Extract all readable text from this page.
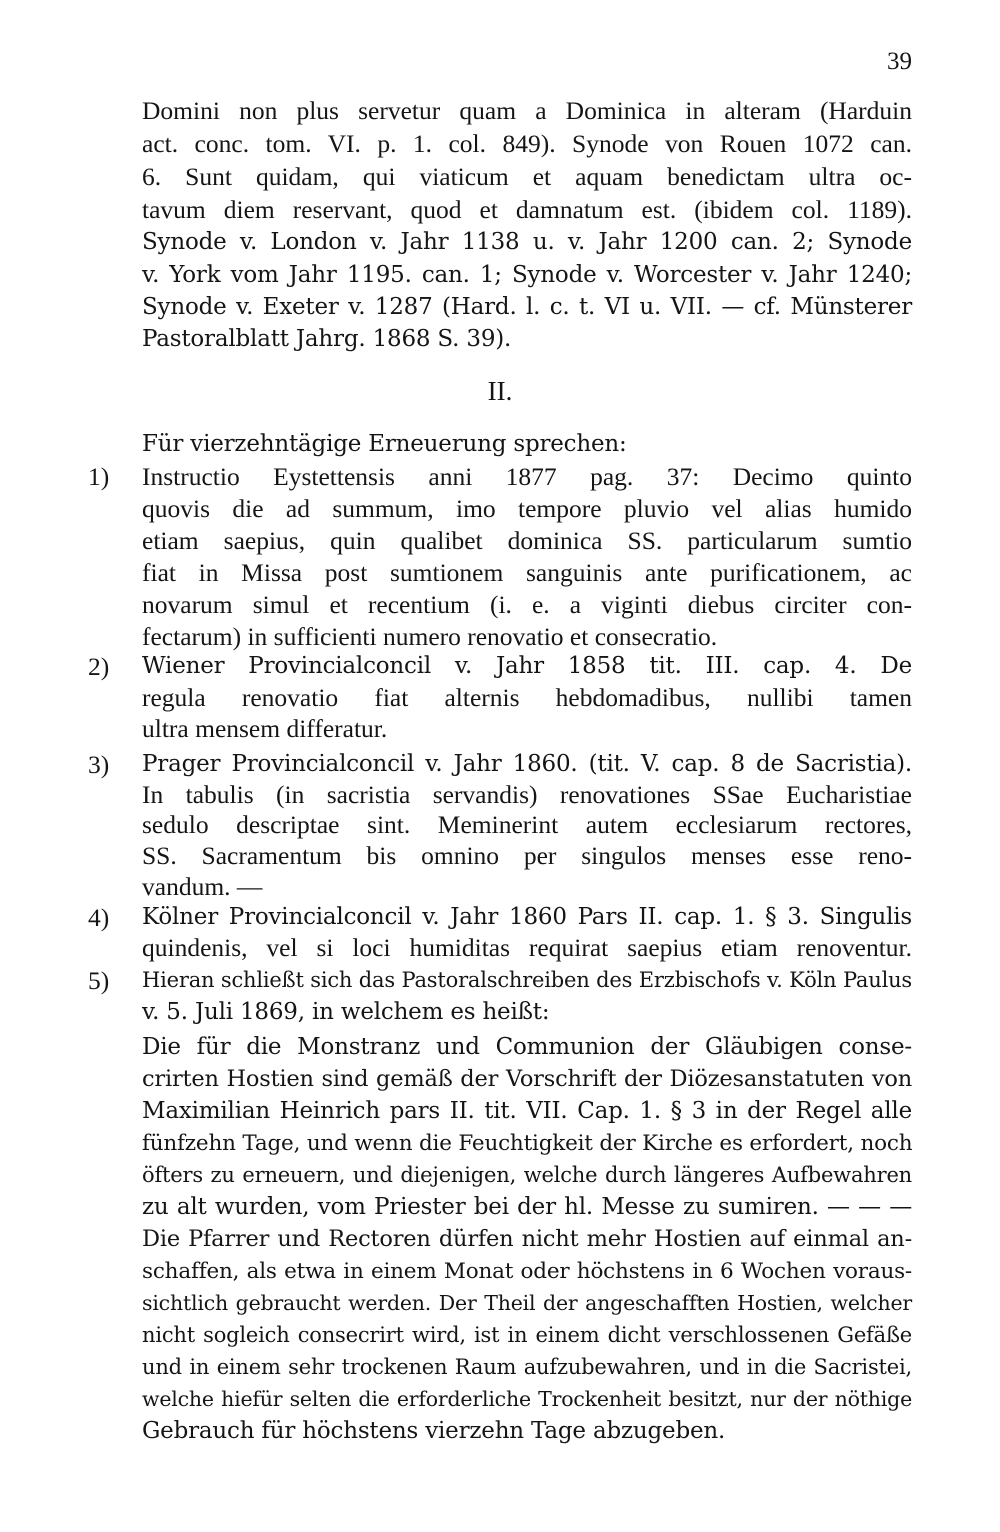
39
Domini non plus servetur quam a Dominica in alteram (Harduin
act. conc. tom. VI. p. 1. col. 849). Synode von Rouen 1072 can.
6. Sunt quidam, qui viaticum et aquam benedictam ultra oc-
tavum diem reservant, quod et damnatum est. (ibidem col. 1189).
Synode v. London v. Jahr 1138 u. v. Jahr 1200 can. 2; Synode
v. York vom Jahr 1195. can. 1; Synode v. Worcester v. Jahr 1240;
Synode v. Exeter v. 1287 (Hard. l. c. t. VI u. VII. — cf. Münsterer
Pastoralblatt Jahrg. 1868 S. 39).
II.
Für vierzehntägige Erneuerung sprechen:
1)	Instructio Eystettensis anni 1877 pag. 37: Decimo quinto
quovis die ad summum, imo tempore pluvio vel alias humido
etiam saepius, quin qualibet dominica SS. particularum sumtio
fiat in Missa post sumtionem sanguinis ante purificationem, ac
novarum simul et recentium (i. e. a viginti diebus circiter con-
fectarum) in sufficienti numero renovatio et consecratio.
2)	Wiener Provincialconcil v. Jahr 1858 tit. III. cap. 4. De
regula renovatio fiat alternis hebdomadibus, nullibi tamen
ultra mensem differatur.
3)	Prager Provincialconcil v. Jahr 1860. (tit. V. cap. 8 de Sacristia).
In tabulis (in sacristia servandis) renovationes SSae Eucharistiae
sedulo descriptae sint. Meminerint autem ecclesiarum rectores,
SS. Sacramentum bis omnino per singulos menses esse reno-
vandum. —
4)	Kölner Provincialconcil v. Jahr 1860 Pars II. cap. 1. § 3. Singulis
quindenis, vel si loci humiditas requirat saepius etiam renoventur.
5)	Hieran schließt sich das Pastoralschreiben des Erzbischofs v. Köln Paulus
v. 5. Juli 1869, in welchem es heißt:
Die für die Monstranz und Communion der Gläubigen conse-
crirten Hostien sind gemäß der Vorschrift der Diözesanstatuten von
Maximilian Heinrich pars II. tit. VII. Cap. 1. § 3 in der Regel alle
fünfzehn Tage, und wenn die Feuchtigkeit der Kirche es erfordert, noch
öfters zu erneuern, und diejenigen, welche durch längeres Aufbewahren
zu alt wurden, vom Priester bei der hl. Messe zu sumiren. — — —
Die Pfarrer und Rectoren dürfen nicht mehr Hostien auf einmal an-
schaffen, als etwa in einem Monat oder höchstens in 6 Wochen voraus-
sichtlich gebraucht werden. Der Theil der angeschafften Hostien, welcher
nicht sogleich consecrirt wird, ist in einem dicht verschlossenen Gefäße
und in einem sehr trockenen Raum aufzubewahren, und in die Sacristei,
welche hiefür selten die erforderliche Trockenheit besitzt, nur der nöthige
Gebrauch für höchstens vierzehn Tage abzugeben.
